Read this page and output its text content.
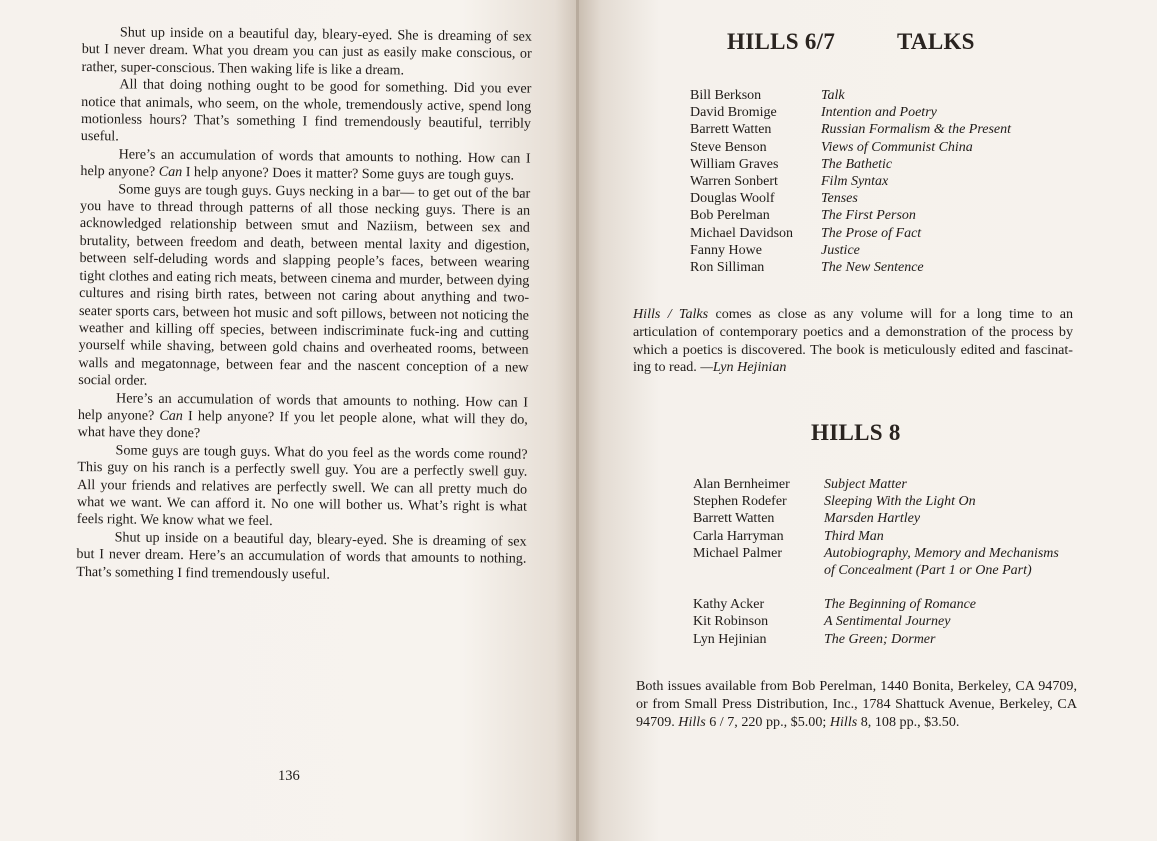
Shut up inside on a beautiful day, bleary-eyed. She is dreaming of sex but I never dream. What you dream you can just as easily make conscious, or rather, super-conscious. Then waking life is like a dream.

All that doing nothing ought to be good for something. Did you ever notice that animals, who seem, on the whole, tremendously active, spend long motionless hours? That’s something I find tremendously beautiful, terribly useful.

Here’s an accumulation of words that amounts to nothing. How can I help anyone? Can I help anyone? Does it matter? Some guys are tough guys.

Some guys are tough guys. Guys necking in a bar— to get out of the bar you have to thread through patterns of all those necking guys. There is an acknowledged relationship between smut and Naziism, between sex and brutality, between freedom and death, between mental laxity and digestion, between self-deluding words and slapping people’s faces, between wearing tight clothes and eating rich meats, between cinema and murder, between dying cultures and rising birth rates, between not caring about anything and two-seater sports cars, between hot music and soft pillows, between not noticing the weather and killing off species, between indiscriminate fuck-ing and cutting yourself while shaving, between gold chains and overheated rooms, between walls and megatonnage, between fear and the nascent conception of a new social order.

Here’s an accumulation of words that amounts to nothing. How can I help anyone? Can I help anyone? If you let people alone, what will they do, what have they done?

Some guys are tough guys. What do you feel as the words come round? This guy on his ranch is a perfectly swell guy. You are a perfectly swell guy. All your friends and relatives are perfectly swell. We can all pretty much do what we want. We can afford it. No one will bother us. What’s right is what feels right. We know what we feel.

Shut up inside on a beautiful day, bleary-eyed. She is dreaming of sex but I never dream. Here’s an accumulation of words that amounts to nothing. That’s something I find tremendously useful.

136
HILLS 6/7	TALKS
Bill Berkson	Talk
David Bromige	Intention and Poetry
Barrett Watten	Russian Formalism & the Present
Steve Benson	Views of Communist China
William Graves	The Bathetic
Warren Sonbert	Film Syntax
Douglas Woolf	Tenses
Bob Perelman	The First Person
Michael Davidson	The Prose of Fact
Fanny Howe	Justice
Ron Silliman	The New Sentence
Hills / Talks comes as close as any volume will for a long time to an articulation of contemporary poetics and a demonstration of the process by which a poetics is discovered. The book is meticulously edited and fascinat-ing to read. —Lyn Hejinian
HILLS 8
Alan Bernheimer	Subject Matter
Stephen Rodefer	Sleeping With the Light On
Barrett Watten	Marsden Hartley
Carla Harryman	Third Man
Michael Palmer	Autobiography, Memory and Mechanisms
of Concealment (Part 1 or One Part)
Kathy Acker	The Beginning of Romance
Kit Robinson	A Sentimental Journey
Lyn Hejinian	The Green; Dormer
Both issues available from Bob Perelman, 1440 Bonita, Berkeley, CA 94709, or from Small Press Distribution, Inc., 1784 Shattuck Avenue, Berkeley, CA 94709. Hills 6 / 7, 220 pp., $5.00; Hills 8, 108 pp., $3.50.
